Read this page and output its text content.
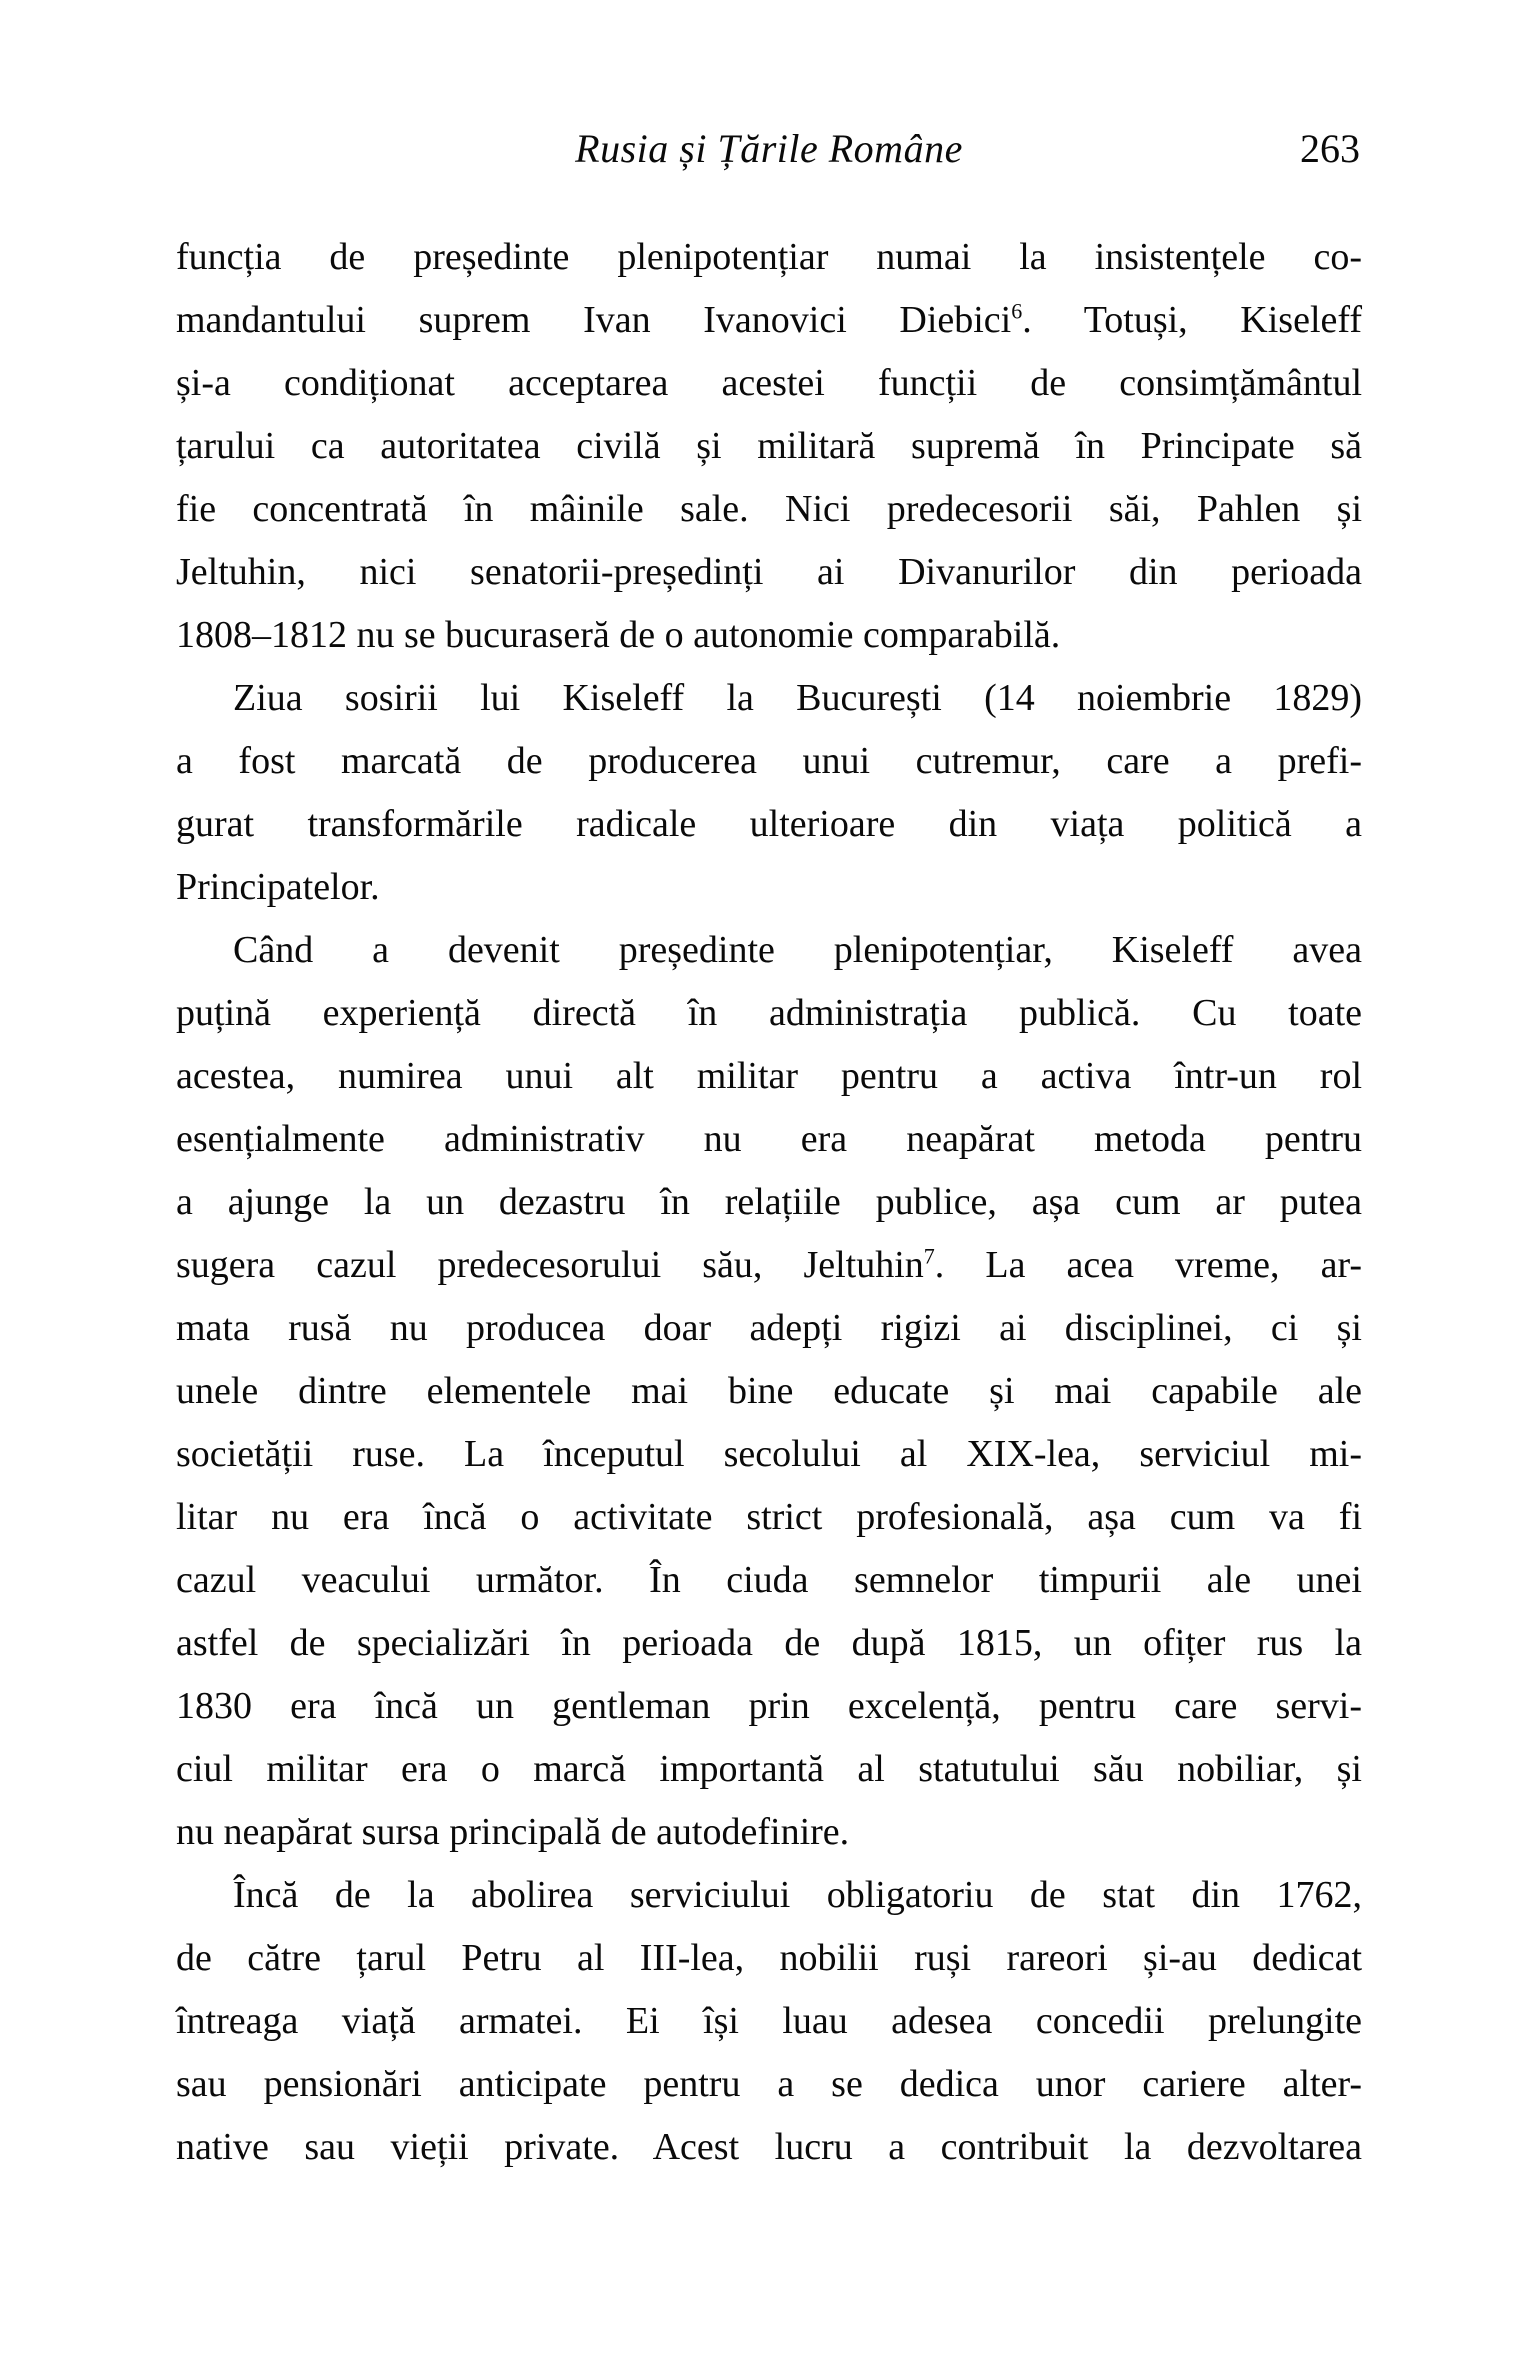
Rusia și Țările Române	263
funcția de președinte plenipotențiar numai la insistențele co-
mandantului suprem Ivan Ivanovici Diebici$^6$. Totuși, Kiseleff
și-a condiționat acceptarea acestei funcții de consimțământul
țarului ca autoritatea civilă și militară supremă în Principate să
fie concentrată în mâinile sale. Nici predecesorii săi, Pahlen și
Jeltuhin, nici senatorii-președinți ai Divanurilor din perioada
1808–1812 nu se bucuraseră de o autonomie comparabilă.
Ziua sosirii lui Kiseleff la București (14 noiembrie 1829)
a fost marcată de producerea unui cutremur, care a prefi-
gurat transformările radicale ulterioare din viața politică a
Principatelor.
Când a devenit președinte plenipotențiar, Kiseleff avea
puțină experiență directă în administrația publică. Cu toate
acestea, numirea unui alt militar pentru a activa într-un rol
esențialmente administrativ nu era neapărat metoda pentru
a ajunge la un dezastru în relațiile publice, așa cum ar putea
sugera cazul predecesorului său, Jeltuhin$^7$. La acea vreme, ar-
mata rusă nu producea doar adepți rigizi ai disciplinei, ci și
unele dintre elementele mai bine educate și mai capabile ale
societății ruse. La începutul secolului al XIX-lea, serviciul mi-
litar nu era încă o activitate strict profesională, așa cum va fi
cazul veacului următor. În ciuda semnelor timpurii ale unei
astfel de specializări în perioada de după 1815, un ofițer rus la
1830 era încă un gentleman prin excelență, pentru care servi-
ciul militar era o marcă importantă al statutului său nobiliar, și
nu neapărat sursa principală de autodefinire.
Încă de la abolirea serviciului obligatoriu de stat din 1762,
de către țarul Petru al III-lea, nobilii ruși rareori și-au dedicat
întreaga viață armatei. Ei își luau adesea concedii prelungite
sau pensionări anticipate pentru a se dedica unor cariere alter-
native sau vieții private. Acest lucru a contribuit la dezvoltarea
